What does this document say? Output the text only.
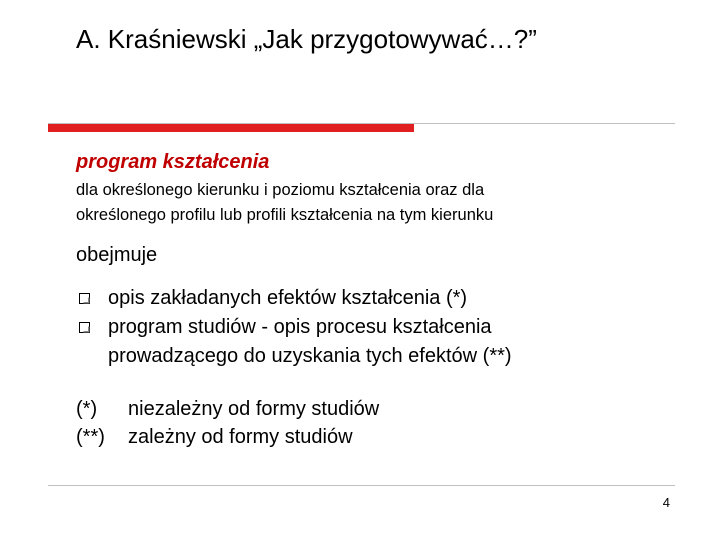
A. Kraśniewski „Jak przygotowywać…?”
program kształcenia
dla określonego kierunku i poziomu kształcenia oraz dla
określonego profilu lub profili kształcenia na tym kierunku
obejmuje
opis zakładanych efektów kształcenia (*)
program studiów - opis procesu kształcenia
prowadzącego do uzyskania tych efektów (**)
(*) niezależny od formy studiów
(**) zależny od formy studiów
4
